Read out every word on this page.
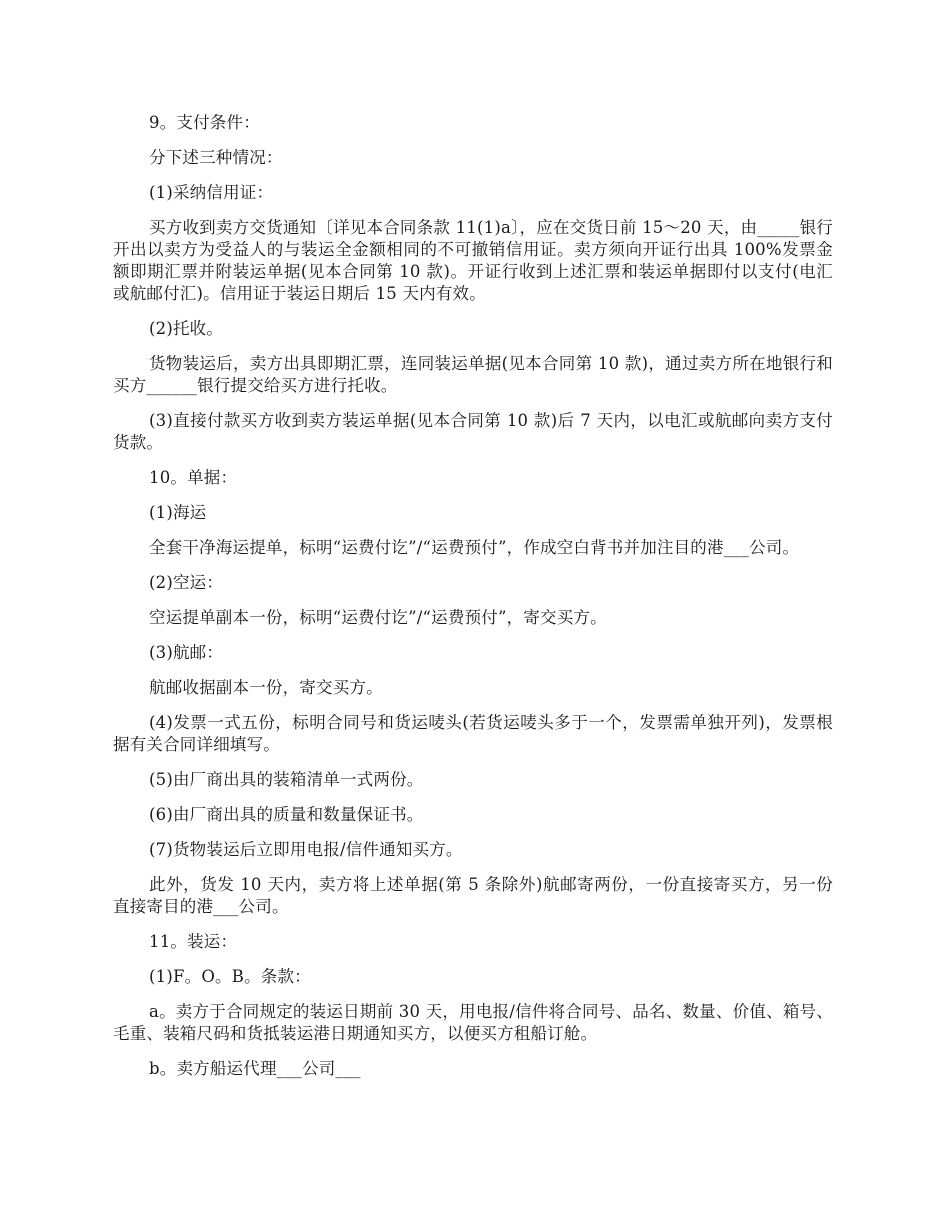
9。支付条件：

分下述三种情况：

(1)采纳信用证：

买方收到卖方交货通知〔详见本合同条款 11(1)a〕，应在交货日前 15～20 天，由_____银行开出以卖方为受益人的与装运全金额相同的不可撤销信用证。卖方须向开证行出具 100%发票金额即期汇票并附装运单据(见本合同第 10 款)。开证行收到上述汇票和装运单据即付以支付(电汇或航邮付汇)。信用证于装运日期后 15 天内有效。

(2)托收。

货物装运后，卖方出具即期汇票，连同装运单据(见本合同第 10 款)，通过卖方所在地银行和买方______银行提交给买方进行托收。

(3)直接付款买方收到卖方装运单据(见本合同第 10 款)后 7 天内，以电汇或航邮向卖方支付货款。

10。单据：

(1)海运

全套干净海运提单，标明“运费付讫”/“运费预付”，作成空白背书并加注目的港___公司。

(2)空运：

空运提单副本一份，标明“运费付讫”/“运费预付”，寄交买方。

(3)航邮：

航邮收据副本一份，寄交买方。

(4)发票一式五份，标明合同号和货运唛头(若货运唛头多于一个，发票需单独开列)，发票根据有关合同详细填写。

(5)由厂商出具的装箱清单一式两份。

(6)由厂商出具的质量和数量保证书。

(7)货物装运后立即用电报/信件通知买方。

此外，货发 10 天内，卖方将上述单据(第 5 条除外)航邮寄两份，一份直接寄买方，另一份直接寄目的港___公司。

11。装运：

(1)F。O。B。条款：

a。卖方于合同规定的装运日期前 30 天，用电报/信件将合同号、品名、数量、价值、箱号、毛重、装箱尺码和货抵装运港日期通知买方，以便买方租船订舱。

b。卖方船运代理___公司___
